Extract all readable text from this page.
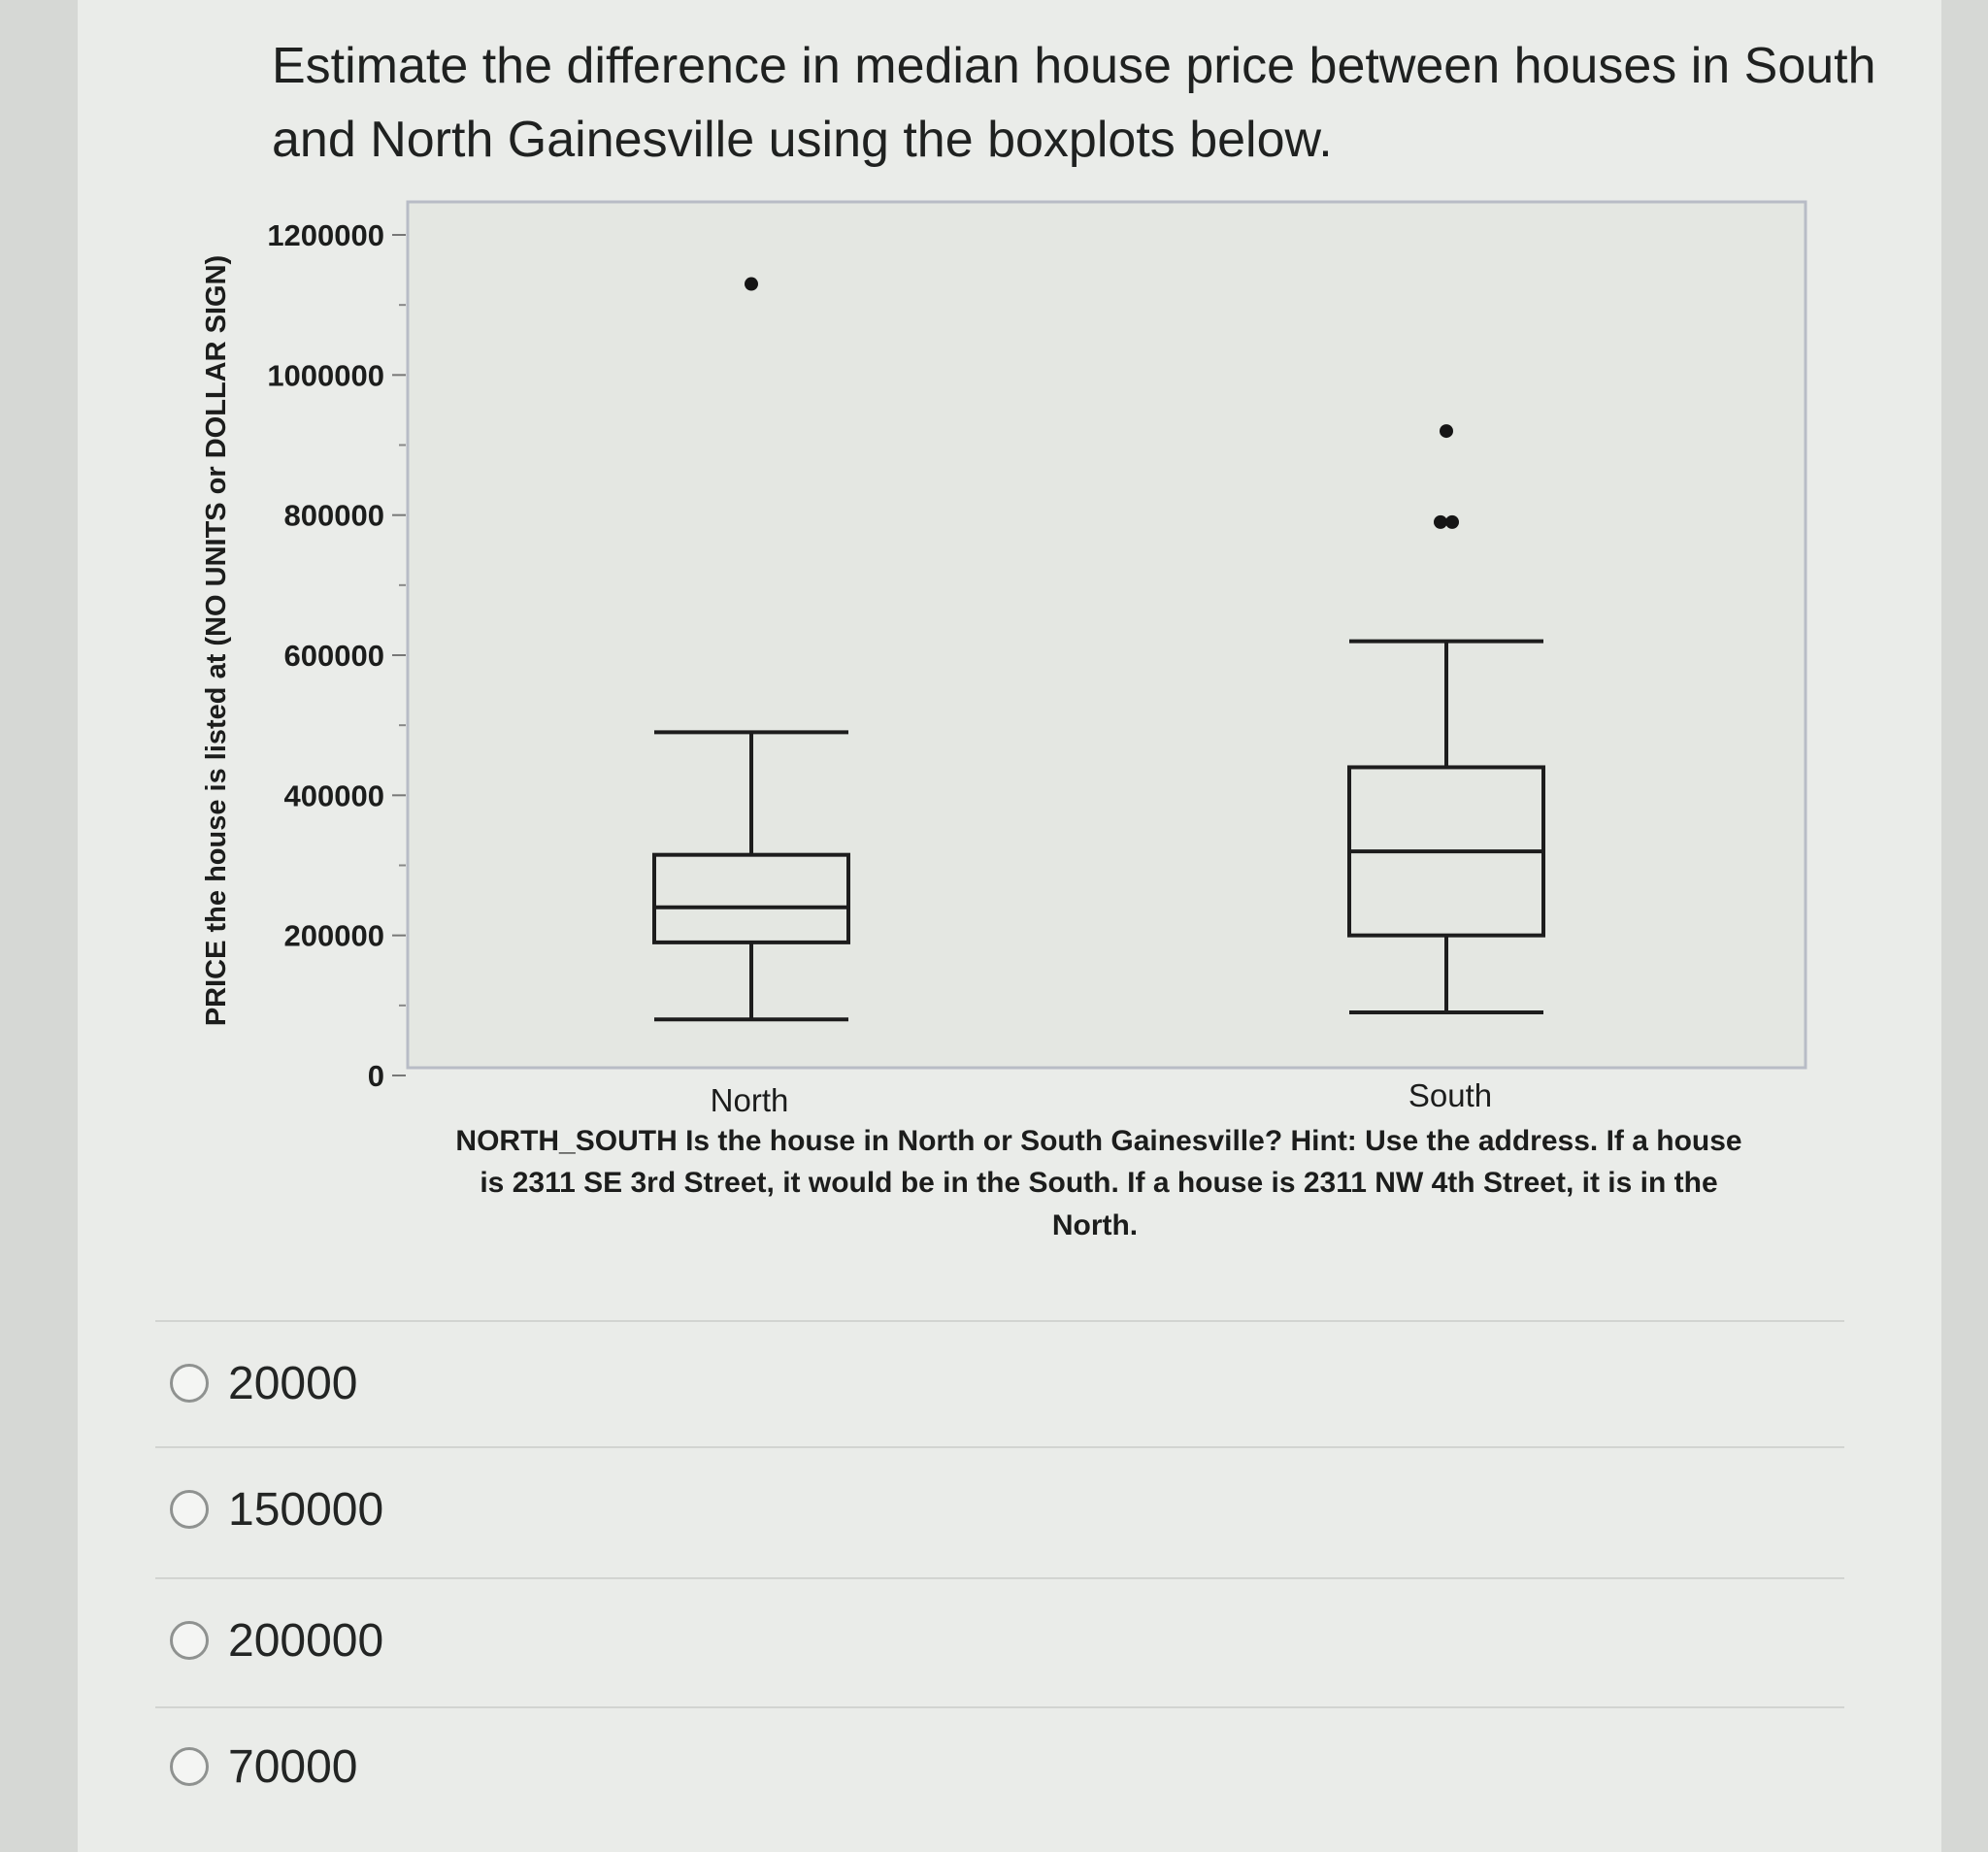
Estimate the difference in median house price between houses in South and North Gainesville using the boxplots below.
0
200000
400000
600000
800000
1000000
1200000
PRICE the house is listed at (NO UNITS or DOLLAR SIGN)
North	South
NORTH_SOUTH Is the house in North or South Gainesville? Hint: Use the address. If a house
is 2311 SE 3rd Street, it would be in the South. If a house is 2311 NW 4th Street, it is in the
North.
20000
150000
200000
70000
